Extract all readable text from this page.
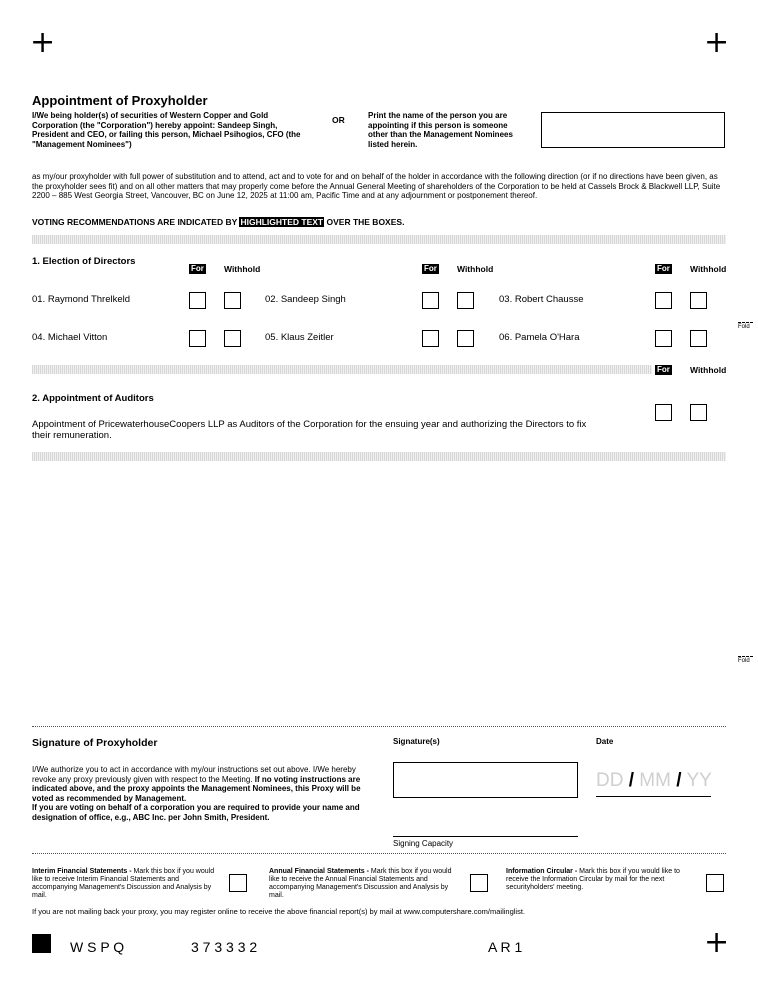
+	+
+
Appointment of Proxyholder
I/We being holder(s) of securities of Western Copper and Gold Corporation (the "Corporation") hereby appoint: Sandeep Singh, President and CEO, or failing this person, Michael Psihogios, CFO (the "Management Nominees")
OR	Print the name of the person you are appointing if this person is someone other than the Management Nominees listed herein.
as my/our proxyholder with full power of substitution and to attend, act and to vote for and on behalf of the holder in accordance with the following direction (or if no directions have been given, as the proxyholder sees fit) and on all other matters that may properly come before the Annual General Meeting of shareholders of the Corporation to be held at Cassels Brock & Blackwell LLP, Suite 2200 – 885 West Georgia Street, Vancouver, BC on June 12, 2025 at 11:00 am, Pacific Time and at any adjournment or postponement thereof.
VOTING RECOMMENDATIONS ARE INDICATED BY HIGHLIGHTED TEXT OVER THE BOXES.
1. Election of Directors
For Withhold	For Withhold	For Withhold
01. Raymond Threlkeld	02. Sandeep Singh	03. Robert Chausse
04. Michael Vitton	05. Klaus Zeitler	06. Pamela O'Hara
Fold
For Withhold
2. Appointment of Auditors
Appointment of PricewaterhouseCoopers LLP as Auditors of the Corporation for the ensuing year and authorizing the Directors to fix their remuneration.
Fold
Signature of Proxyholder
I/We authorize you to act in accordance with my/our instructions set out above. I/We hereby revoke any proxy previously given with respect to the Meeting. If no voting instructions are indicated above, and the proxy appoints the Management Nominees, this Proxy will be voted as recommended by Management.
If you are voting on behalf of a corporation you are required to provide your name and designation of office, e.g., ABC Inc. per John Smith, President.
Signature(s)	Date
DD / MM / YY
Signing Capacity
Interim Financial Statements - Mark this box if you would like to receive Interim Financial Statements and accompanying Management's Discussion and Analysis by mail.
Annual Financial Statements - Mark this box if you would like to receive the Annual Financial Statements and accompanying Management's Discussion and Analysis by mail.
Information Circular - Mark this box if you would like to receive the Information Circular by mail for the next securityholders' meeting.
If you are not mailing back your proxy, you may register online to receive the above financial report(s) by mail at www.computershare.com/mailinglist.
W S P Q	3 7 3 3 3 2	A R 1
